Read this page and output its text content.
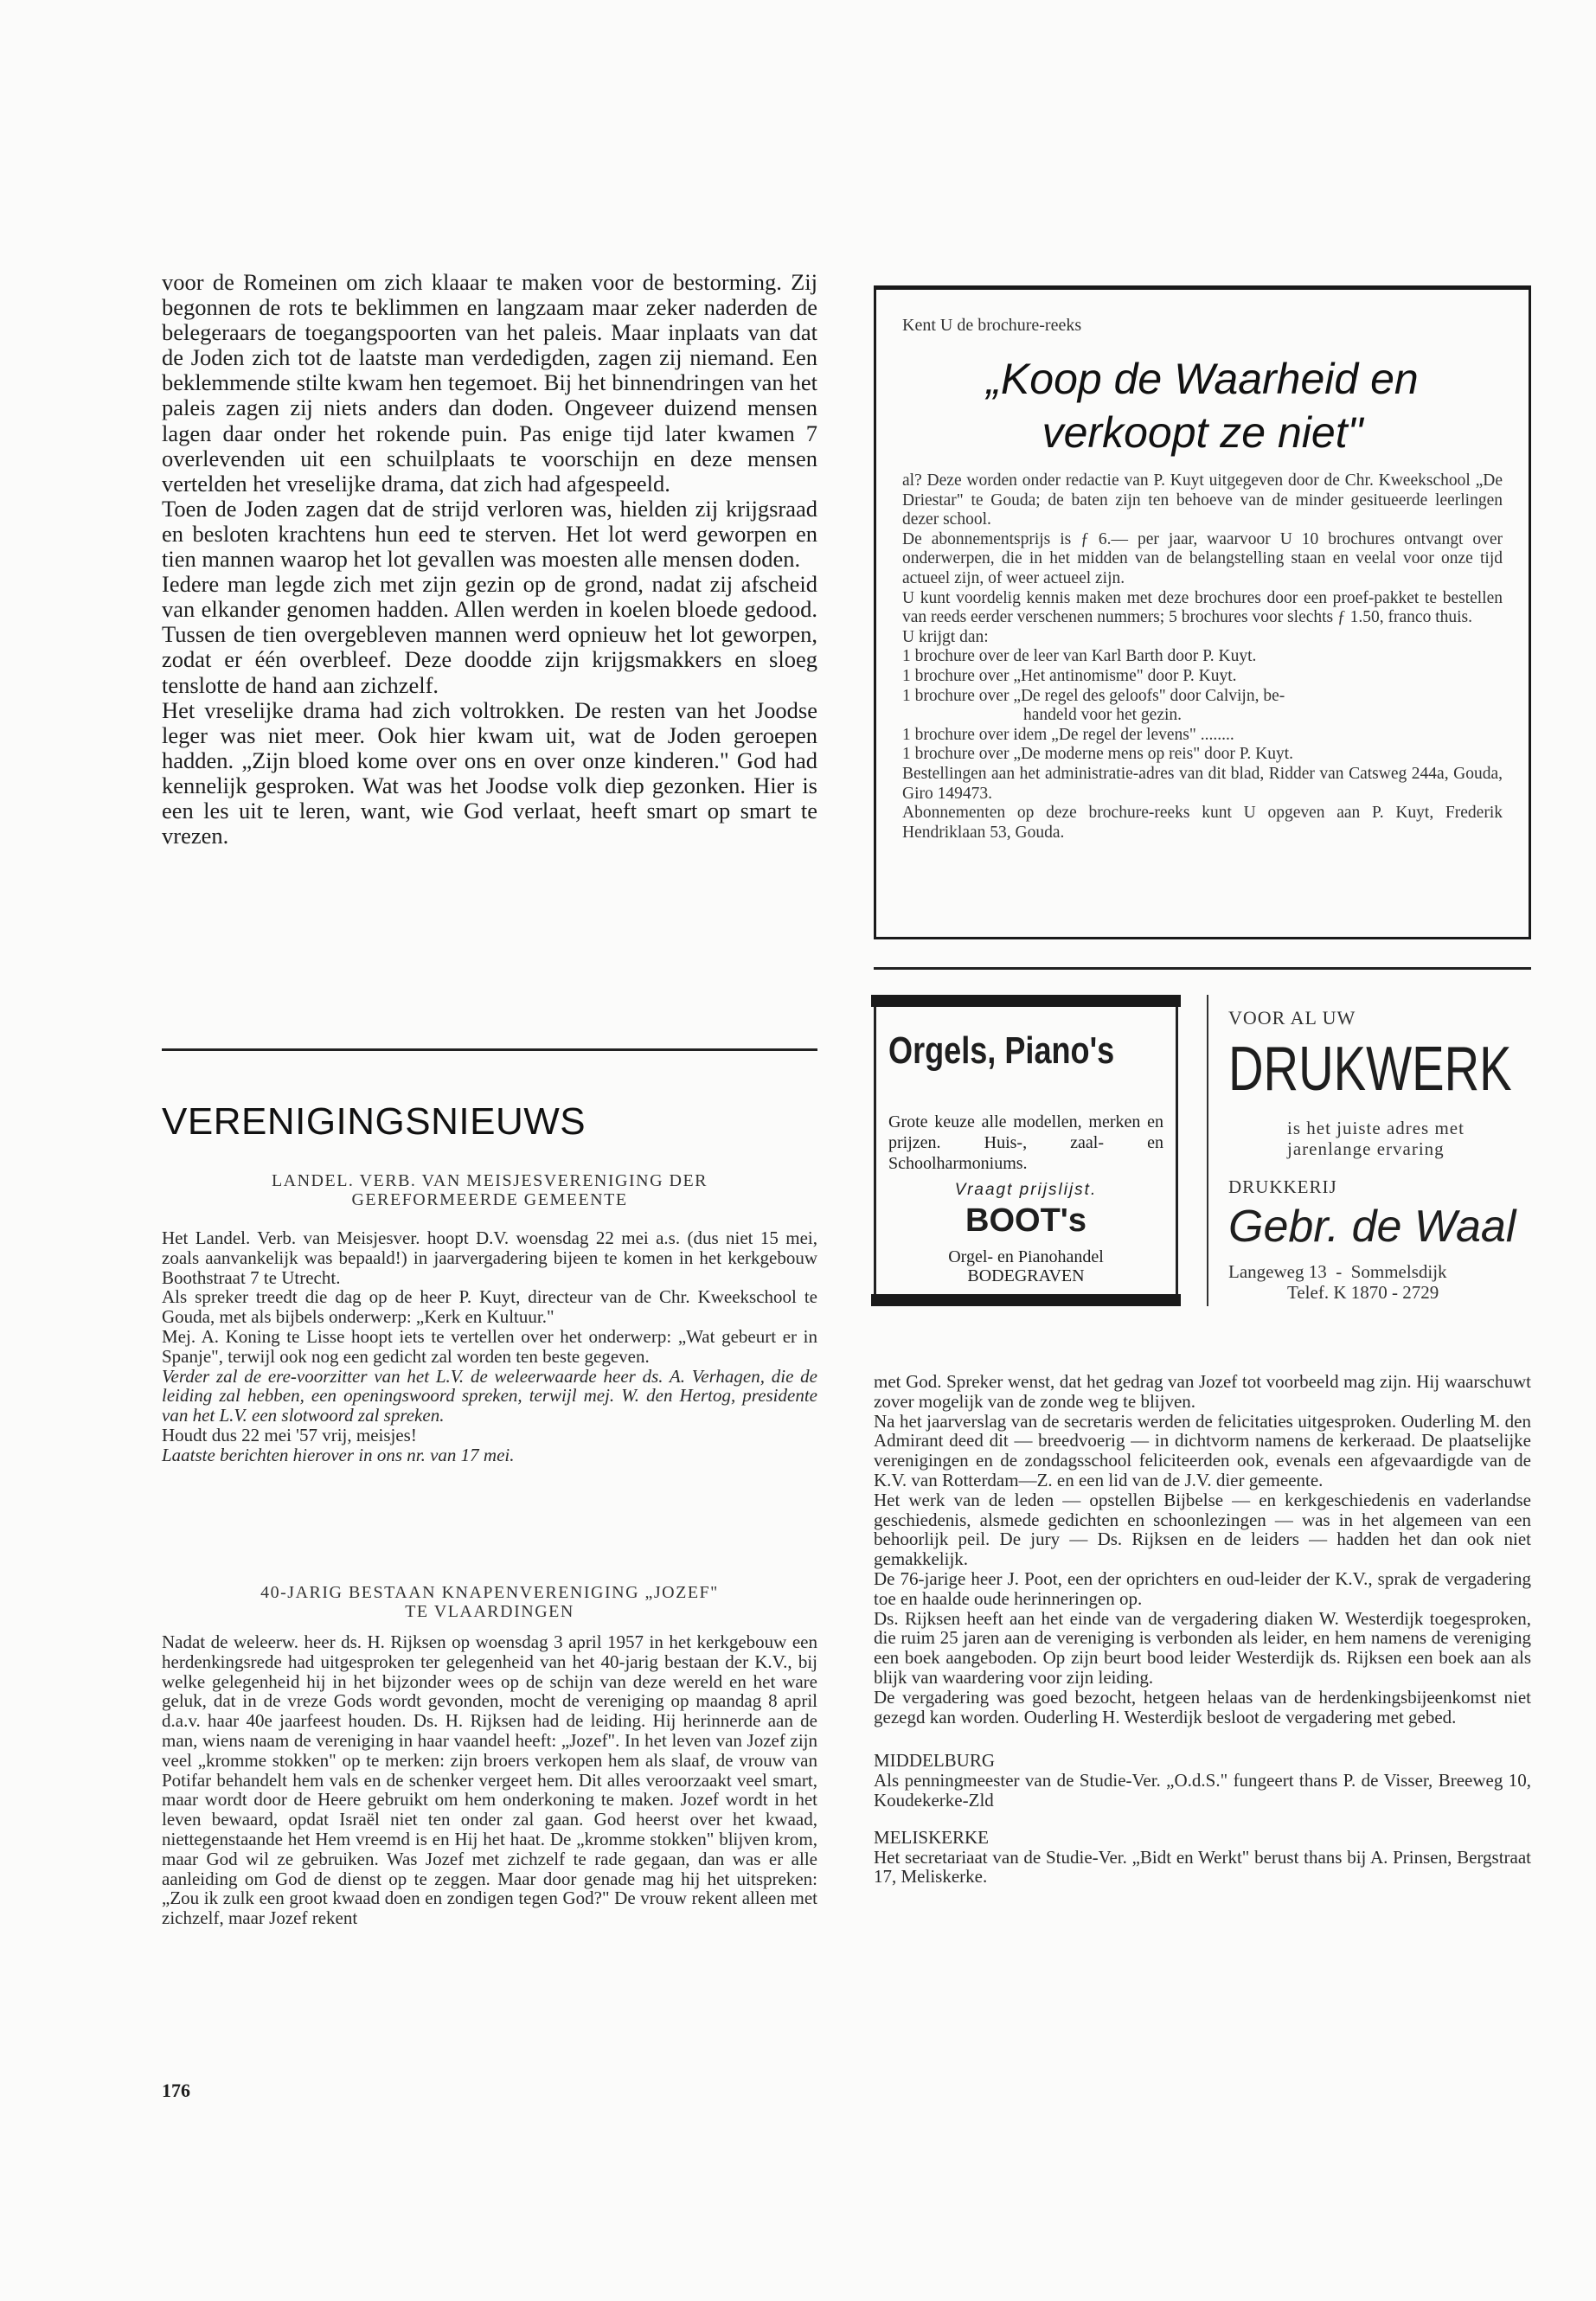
voor de Romeinen om zich klaaar te maken voor de bestorming. Zij begonnen de rots te beklimmen en langzaam maar zeker naderden de belegeraars de toegangspoorten van het paleis. Maar inplaats van dat de Joden zich tot de laatste man verdedigden, zagen zij niemand. Een beklemmende stilte kwam hen tegemoet. Bij het binnendringen van het paleis zagen zij niets anders dan doden. Ongeveer duizend mensen lagen daar onder het rokende puin. Pas enige tijd later kwamen 7 overlevenden uit een schuilplaats te voorschijn en deze mensen vertelden het vreselijke drama, dat zich had afgespeeld.

Toen de Joden zagen dat de strijd verloren was, hielden zij krijgsraad en besloten krachtens hun eed te sterven. Het lot werd geworpen en tien mannen waarop het lot gevallen was moesten alle mensen doden.

Iedere man legde zich met zijn gezin op de grond, nadat zij afscheid van elkander genomen hadden. Allen werden in koelen bloede gedood. Tussen de tien overgebleven mannen werd opnieuw het lot geworpen, zodat er één overbleef. Deze doodde zijn krijgsmakkers en sloeg tenslotte de hand aan zichzelf.

Het vreselijke drama had zich voltrokken. De resten van het Joodse leger was niet meer. Ook hier kwam uit, wat de Joden geroepen hadden. „Zijn bloed kome over ons en over onze kinderen." God had kennelijk gesproken. Wat was het Joodse volk diep gezonken. Hier is een les uit te leren, want, wie God verlaat, heeft smart op smart te vrezen.

VERENIGINGSNIEUWS
LANDEL. VERB. VAN MEISJESVERENIGING DER GEREFORMEERDE GEMEENTE

Het Landel. Verb. van Meisjesver. hoopt D.V. woensdag 22 mei a.s. (dus niet 15 mei, zoals aanvankelijk was bepaald!) in jaarvergadering bijeen te komen in het kerkgebouw Boothstraat 7 te Utrecht.

Als spreker treedt die dag op de heer P. Kuyt, directeur van de Chr. Kweekschool te Gouda, met als bijbels onderwerp: „Kerk en Kultuur."

Mej. A. Koning te Lisse hoopt iets te vertellen over het onderwerp: „Wat gebeurt er in Spanje", terwijl ook nog een gedicht zal worden ten beste gegeven.

Verder zal de ere-voorzitter van het L.V. de weleerwaarde heer ds. A. Verhagen, die de leiding zal hebben, een openingswoord spreken, terwijl mej. W. den Hertog, presidente van het L.V. een slotwoord zal spreken.

Houdt dus 22 mei '57 vrij, meisjes!

Laatste berichten hierover in ons nr. van 17 mei.

40-JARIG BESTAAN KNAPENVERENIGING „JOZEF"
TE VLAARDINGEN

Nadat de weleerw. heer ds. H. Rijksen op woensdag 3 april 1957 in het kerkgebouw een herdenkingsrede had uitgesproken ter gelegenheid van het 40-jarig bestaan der K.V., bij welke gelegenheid hij in het bijzonder wees op de schijn van deze wereld en het ware geluk, dat in de vreze Gods wordt gevonden, mocht de vereniging op maandag 8 april d.a.v. haar 40e jaarfeest houden. Ds. H. Rijksen had de leiding. Hij herinnerde aan de man, wiens naam de vereniging in haar vaandel heeft: „Jozef". In het leven van Jozef zijn veel „kromme stokken" op te merken: zijn broers verkopen hem als slaaf, de vrouw van Potifar behandelt hem vals en de schenker vergeet hem. Dit alles veroorzaakt veel smart, maar wordt door de Heere gebruikt om hem onderkoning te maken. Jozef wordt in het leven bewaard, opdat Israël niet ten onder zal gaan. God heerst over het kwaad, niettegenstaande het Hem vreemd is en Hij het haat. De „kromme stokken" blijven krom, maar God wil ze gebruiken. Was Jozef met zichzelf te rade gegaan, dan was er alle aanleiding om God de dienst op te zeggen. Maar door genade mag hij het uitspreken: „Zou ik zulk een groot kwaad doen en zondigen tegen God?" De vrouw rekent alleen met zichzelf, maar Jozef rekent

176
Kent U de brochure-reeks
„Koop de Waarheid en
verkoopt ze niet"

al? Deze worden onder redactie van P. Kuyt uitgegeven door de Chr. Kweekschool „De Driestar" te Gouda; de baten zijn ten behoeve van de minder gesitueerde leerlingen dezer school.

De abonnementsprijs is ƒ 6.— per jaar, waarvoor U 10 brochures ontvangt over onderwerpen, die in het midden van de belangstelling staan en veelal voor onze tijd actueel zijn, of weer actueel zijn.

U kunt voordelig kennis maken met deze brochures door een proef-pakket te bestellen van reeds eerder verschenen nummers; 5 brochures voor slechts ƒ 1.50, franco thuis.

U krijgt dan:

1 brochure over de leer van Karl Barth door P. Kuyt.
1 brochure over „Het antinomisme" door P. Kuyt.
1 brochure over „De regel des geloofs" door Calvijn, be-
handeld voor het gezin.
1 brochure over idem „De regel der levens" ........
1 brochure over „De moderne mens op reis" door P. Kuyt.

Bestellingen aan het administratie-adres van dit blad, Ridder van Catsweg 244a, Gouda, Giro 149473.

Abonnementen op deze brochure-reeks kunt U opgeven aan P. Kuyt, Frederik Hendriklaan 53, Gouda.

Orgels, Piano's
Grote keuze alle modellen, merken en prijzen. Huis-, zaal- en Schoolharmoniums.
Vraagt prijslijst.
BOOT's
Orgel- en Pianohandel
BODEGRAVEN
VOOR AL UW
DRUKWERK
is het juiste adres met
jarenlange ervaring
DRUKKERIJ
Gebr. de Waal
Langeweg 13  -  Sommelsdijk
Telef. K 1870 - 2729

met God. Spreker wenst, dat het gedrag van Jozef tot voorbeeld mag zijn. Hij waarschuwt zover mogelijk van de zonde weg te blijven.

Na het jaarverslag van de secretaris werden de felicitaties uitgesproken. Ouderling M. den Admirant deed dit — breedvoerig — in dichtvorm namens de kerkeraad. De plaatselijke verenigingen en de zondagsschool feliciteerden ook, evenals een afgevaardigde van de K.V. van Rotterdam—Z. en een lid van de J.V. dier gemeente.

Het werk van de leden — opstellen Bijbelse — en kerkgeschiedenis en vaderlandse geschiedenis, alsmede gedichten en schoonlezingen — was in het algemeen van een behoorlijk peil. De jury — Ds. Rijksen en de leiders — hadden het dan ook niet gemakkelijk.

De 76-jarige heer J. Poot, een der oprichters en oud-leider der K.V., sprak de vergadering toe en haalde oude herinneringen op.

Ds. Rijksen heeft aan het einde van de vergadering diaken W. Westerdijk toegesproken, die ruim 25 jaren aan de vereniging is verbonden als leider, en hem namens de vereniging een boek aangeboden. Op zijn beurt bood leider Westerdijk ds. Rijksen een boek aan als blijk van waardering voor zijn leiding.

De vergadering was goed bezocht, hetgeen helaas van de herdenkingsbijeenkomst niet gezegd kan worden. Ouderling H. Westerdijk besloot de vergadering met gebed.

MIDDELBURG

Als penningmeester van de Studie-Ver. „O.d.S." fungeert thans P. de Visser, Breeweg 10, Koudekerke-Zld

MELISKERKE

Het secretariaat van de Studie-Ver. „Bidt en Werkt" berust thans bij A. Prinsen, Bergstraat 17, Meliskerke.
